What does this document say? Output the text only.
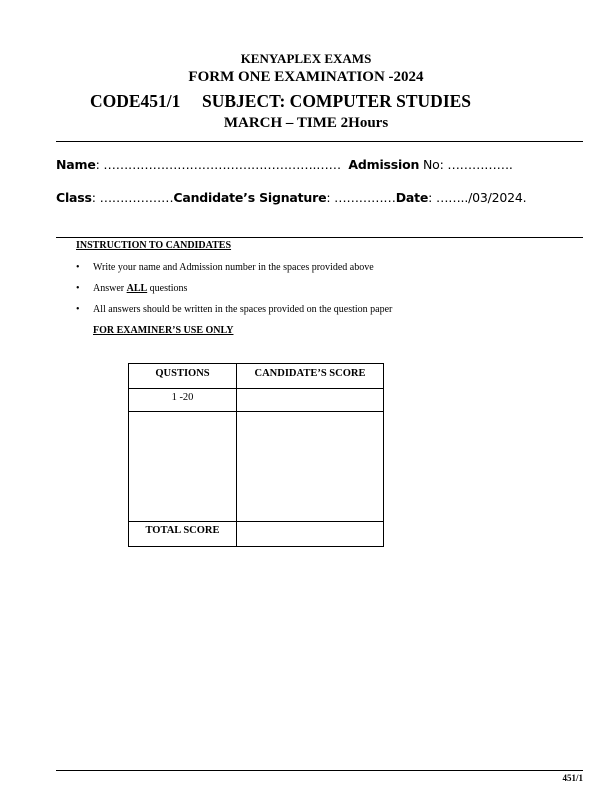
KENYAPLEX EXAMS
FORM ONE EXAMINATION -2024
CODE451/1 SUBJECT: COMPUTER STUDIES
MARCH – TIME 2Hours
Name: …………………………………………….…… Admission No: …………….
Class: ………………Candidate’s Signature: ……………Date: ……../03/2024.
INSTRUCTION TO CANDIDATES
• Write your name and Admission number in the spaces provided above
• Answer ALL questions
• All answers should be written in the spaces provided on the question paper
FOR EXAMINER’S USE ONLY
QUSTIONS	CANDIDATE’S SCORE
1 -20	

TOTAL SCORE	
451/1
